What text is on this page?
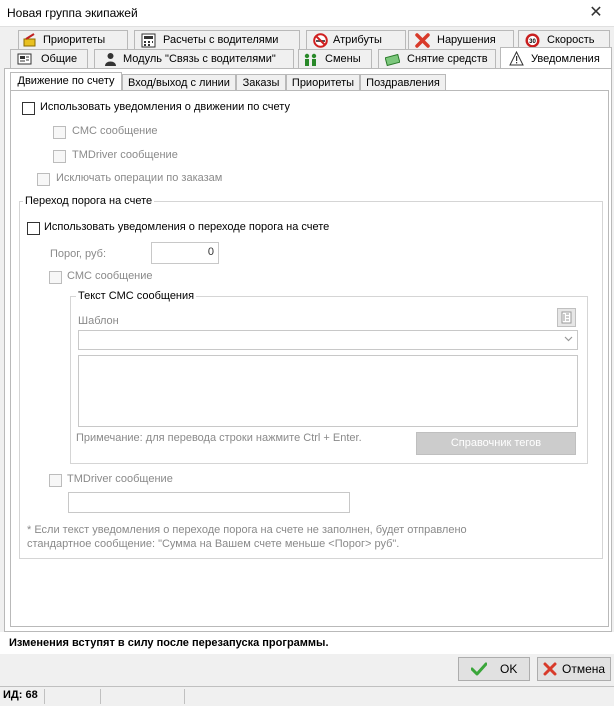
Новая группа экипажей	✕
Приоритеты	Расчеты с водителями	Атрибуты	Нарушения	30 Скорость
Общие	Модуль "Связь с водителями"	Смены	Снятие средств	Уведомления
Движение по счету	Вход/выход с линии	Заказы	Приоритеты	Поздравления
Использовать уведомления о движении по счету
СМС сообщение
TMDriver сообщение
Исключать операции по заказам
Переход порога на счете
Использовать уведомления о переходе порога на счете
Порог, руб:	0
СМС сообщение
Текст СМС сообщения
Шаблон
Примечание: для перевода строки нажмите Ctrl + Enter.	Справочник тегов
TMDriver сообщение
* Если текст уведомления о переходе порога на счете не заполнен, будет отправлено
стандартное сообщение: "Сумма на Вашем счете меньше <Порог> руб".
Изменения вступят в силу после перезапуска программы.
OK	Отмена
ИД: 68
